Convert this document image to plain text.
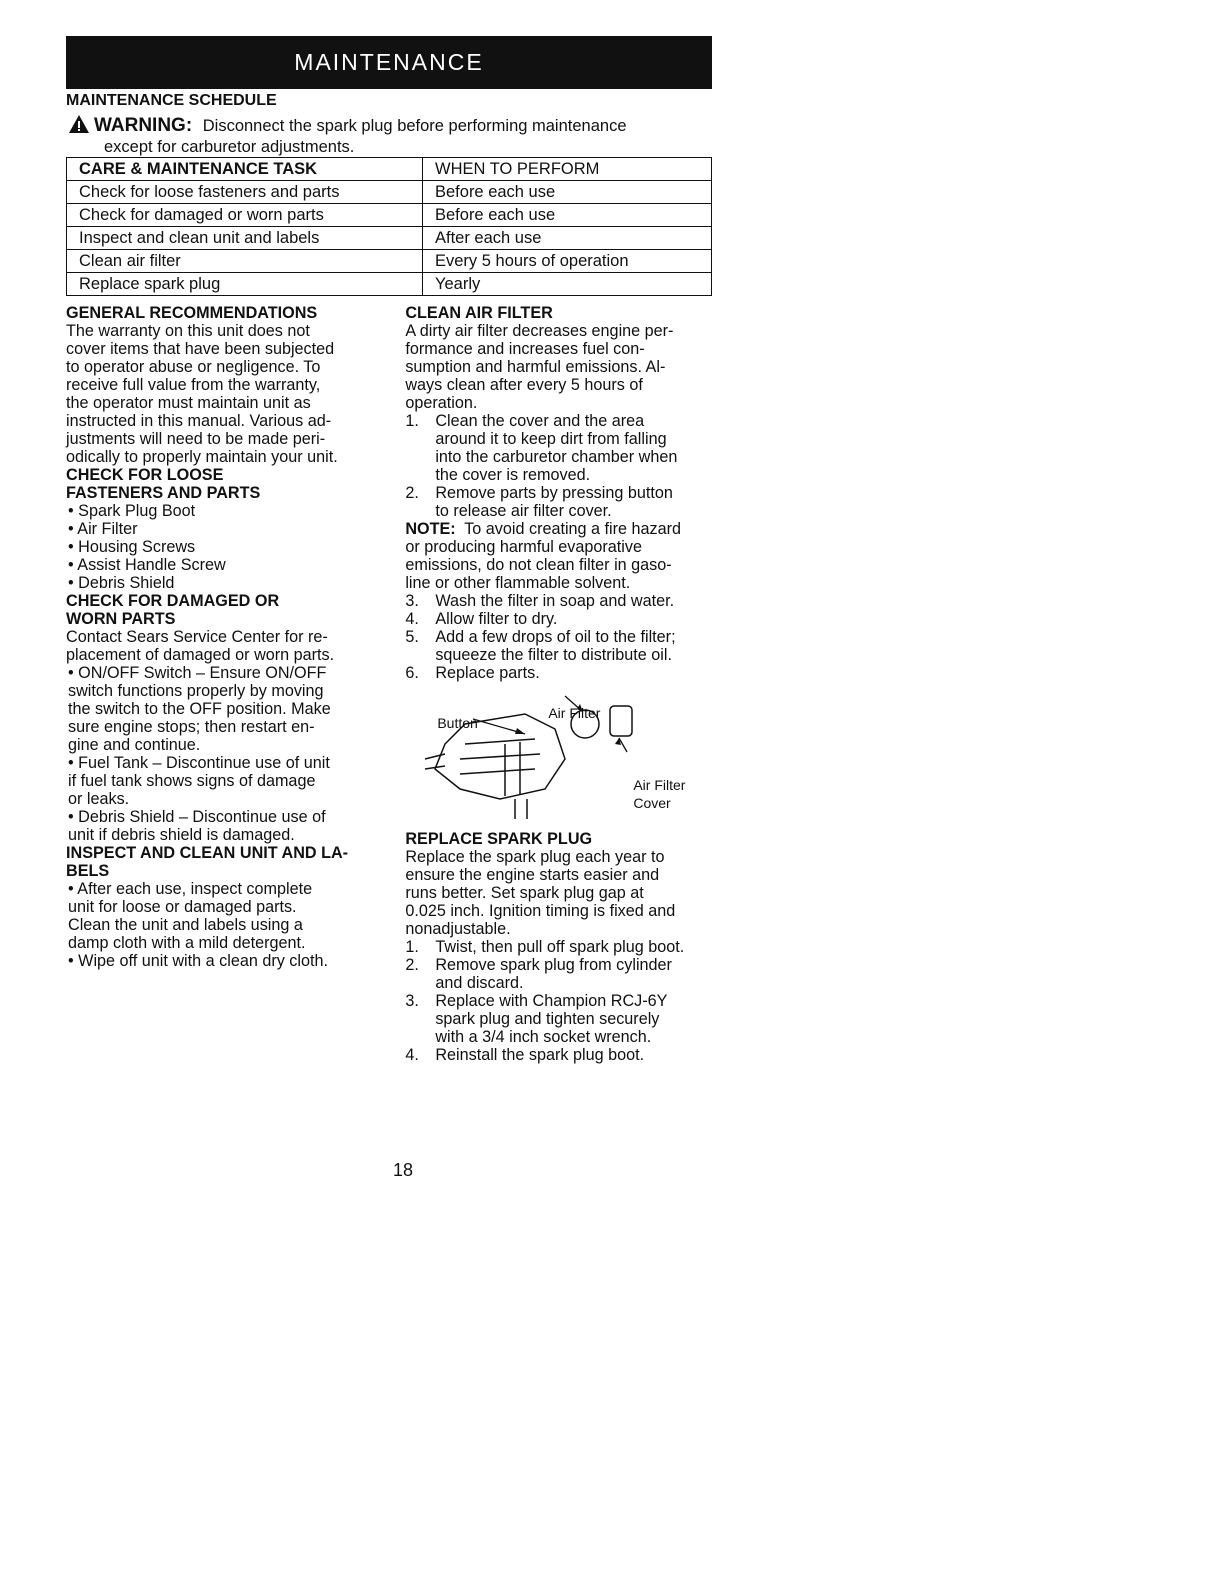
MAINTENANCE
MAINTENANCE SCHEDULE
WARNING: Disconnect the spark plug before performing maintenance
except for carburetor adjustments.
CARE & MAINTENANCE TASK	WHEN TO PERFORM
Check for loose fasteners and parts	Before each use
Check for damaged or worn parts	Before each use
Inspect and clean unit and labels	After each use
Clean air filter	Every 5 hours of operation
Replace spark plug	Yearly
GENERAL RECOMMENDATIONS
The warranty on this unit does not
cover items that have been subjected
to operator abuse or negligence. To
receive full value from the warranty,
the operator must maintain unit as
instructed in this manual. Various ad-
justments will need to be made peri-
odically to properly maintain your unit.
CHECK FOR LOOSE
FASTENERS AND PARTS
• Spark Plug Boot
• Air Filter
• Housing Screws
• Assist Handle Screw
• Debris Shield
CHECK FOR DAMAGED OR
WORN PARTS
Contact Sears Service Center for re-
placement of damaged or worn parts.
• ON/OFF Switch – Ensure ON/OFF
switch functions properly by moving
the switch to the OFF position. Make
sure engine stops; then restart en-
gine and continue.
• Fuel Tank – Discontinue use of unit
if fuel tank shows signs of damage
or leaks.
• Debris Shield – Discontinue use of
unit if debris shield is damaged.
INSPECT AND CLEAN UNIT AND LA-
BELS
• After each use, inspect complete
unit for loose or damaged parts.
Clean the unit and labels using a
damp cloth with a mild detergent.
• Wipe off unit with a clean dry cloth.
CLEAN AIR FILTER
A dirty air filter decreases engine per-
formance and increases fuel con-
sumption and harmful emissions. Al-
ways clean after every 5 hours of
operation.
1. Clean the cover and the area
around it to keep dirt from falling
into the carburetor chamber when
the cover is removed.
2. Remove parts by pressing button
to release air filter cover.
NOTE: To avoid creating a fire hazard
or producing harmful evaporative
emissions, do not clean filter in gaso-
line or other flammable solvent.
3. Wash the filter in soap and water.
4. Allow filter to dry.
5. Add a few drops of oil to the filter;
squeeze the filter to distribute oil.
6. Replace parts.
Button
Air Filter
Air Filter
Cover
REPLACE SPARK PLUG
Replace the spark plug each year to
ensure the engine starts easier and
runs better. Set spark plug gap at
0.025 inch. Ignition timing is fixed and
nonadjustable.
1. Twist, then pull off spark plug boot.
2. Remove spark plug from cylinder
and discard.
3. Replace with Champion RCJ-6Y
spark plug and tighten securely
with a 3/4 inch socket wrench.
4. Reinstall the spark plug boot.
18
